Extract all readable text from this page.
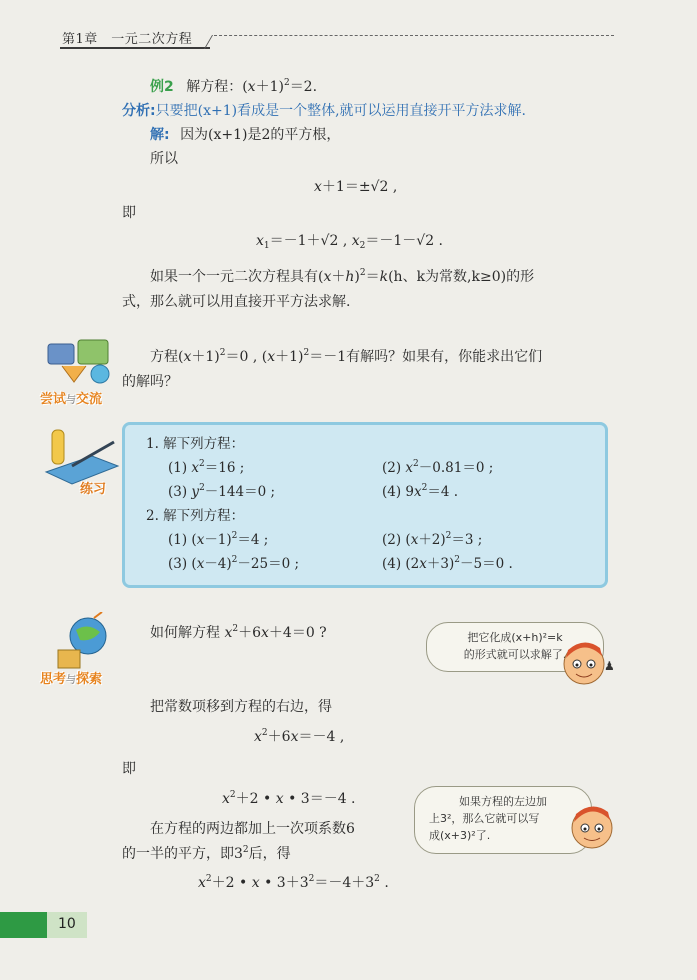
第1章　一元二次方程
例2 解方程：$(x+1)^2=2$.
分析:只要把(x+1)看成是一个整体,就可以运用直接开平方法求解.
解: 因为(x+1)是2的平方根，
所以
x＋1＝±√2 ,
即
$x_1=-1+√2$ , $x_2=-1-√2$ .
如果一个一元二次方程具有$(x+h)^2=k(h$、k为常数,k≥0)的形
式，那么就可以用直接开平方法求解.
尝试与交流
方程$(x+1)^2=0$ , $(x+1)^2=-1$有解吗？如果有，你能求出它们
的解吗？
练习
1. 解下列方程：
(1) $x^2=16$ ;	(2) $x^2-0.81=0$ ;
(3) $y^2-144=0$ ;	(4) $9x^2=4$ .
2. 解下列方程：
(1) $(x-1)^2=4$ ;	(2) $(x+2)^2=3$ ;
(3) $(x-4)^2-25=0$ ;	(4) $(2x+3)^2-5=0$ .
思考与探索
如何解方程 $x^2+6x+4=0$ ?	把它化成(x+h)²=k
的形式就可以求解了.
♟
把常数项移到方程的右边，得
$x^2+6x=-4$ ,
即
$x^2+2$ • x • 3＝－4 .	如果方程的左边加
上3²，那么它就可以写
成(x+3)²了.
在方程的两边都加上一次项系数6
的一半的平方，即$3^2$后，得
$x^2+2$ • x • $3+3^2=-4+3^2$ .
10
